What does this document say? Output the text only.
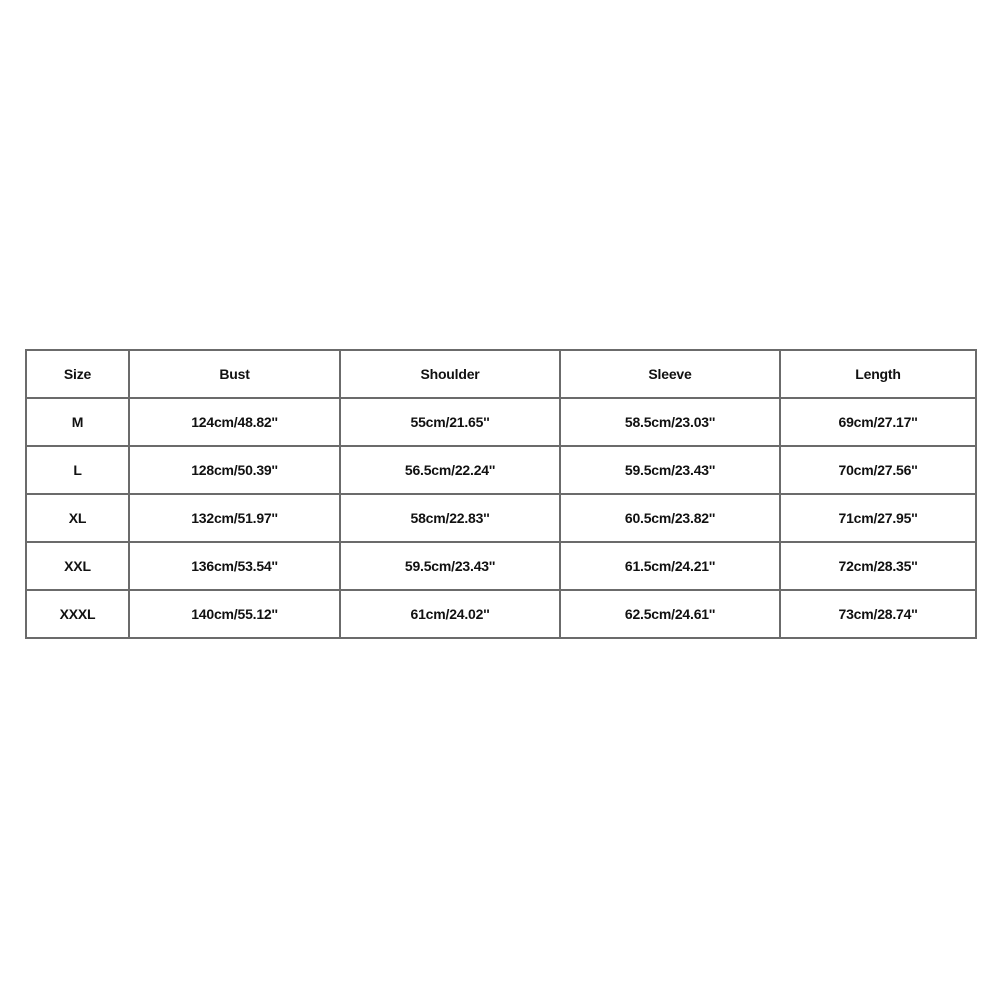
Size	Bust	Shoulder	Sleeve	Length
M	124cm/48.82''	55cm/21.65''	58.5cm/23.03''	69cm/27.17''
L	128cm/50.39''	56.5cm/22.24''	59.5cm/23.43''	70cm/27.56''
XL	132cm/51.97''	58cm/22.83''	60.5cm/23.82''	71cm/27.95''
XXL	136cm/53.54''	59.5cm/23.43''	61.5cm/24.21''	72cm/28.35''
XXXL	140cm/55.12''	61cm/24.02''	62.5cm/24.61''	73cm/28.74''
